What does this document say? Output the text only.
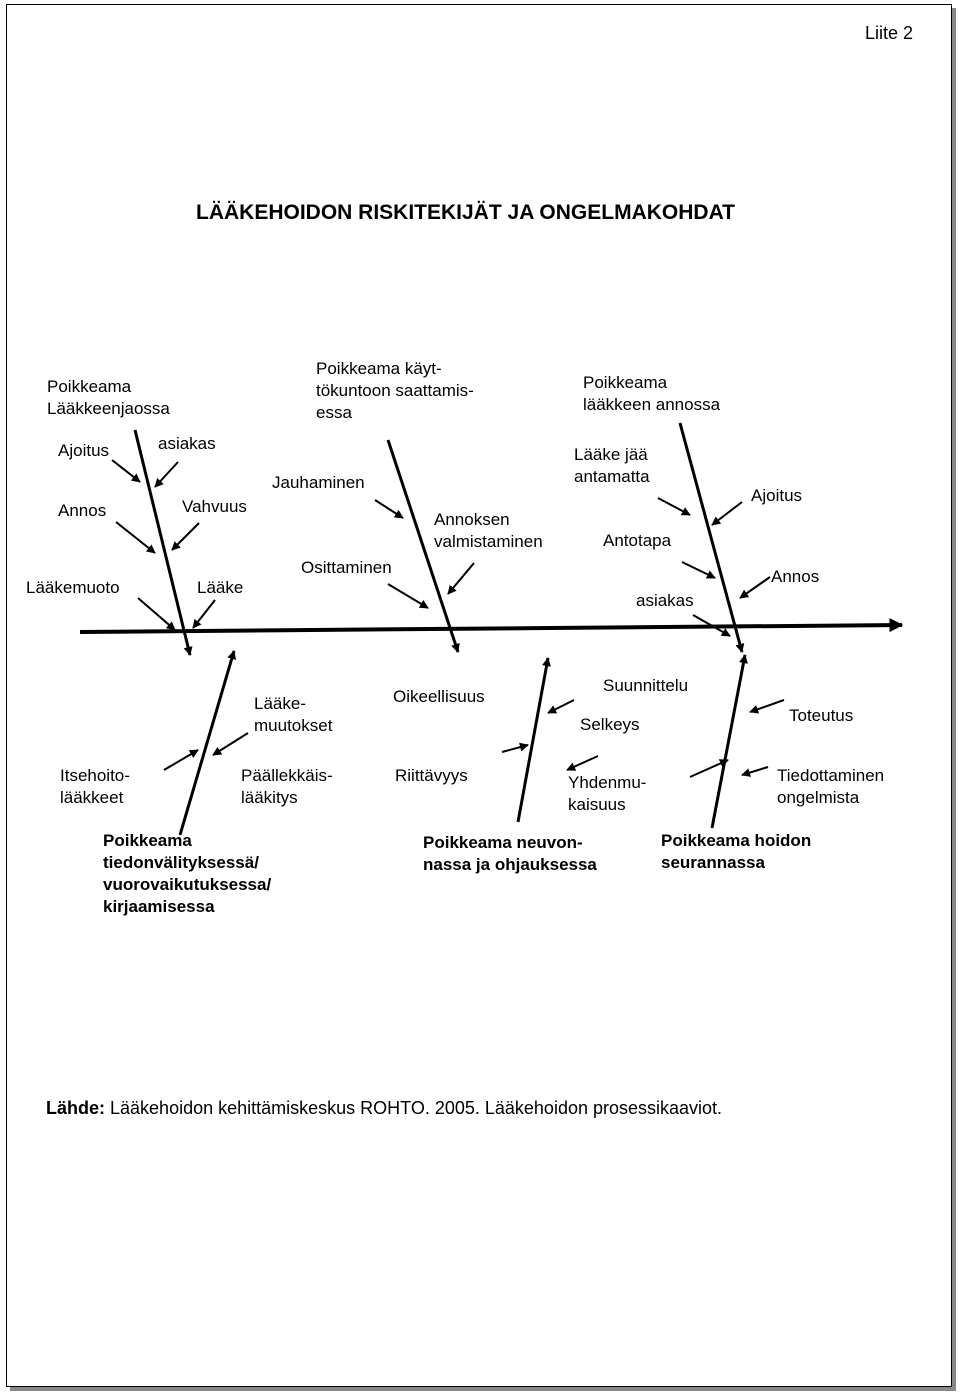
Liite 2
LÄÄKEHOIDON RISKITEKIJÄT JA ONGELMAKOHDAT
Poikkeama
Lääkkeenjaossa
Poikkeama käyt-
tökuntoon saattamis-
essa
Poikkeama
lääkkeen annossa
Ajoitus	asiakas
Annos	Vahvuus
Lääkemuoto	Lääke
Jauhaminen
Osittaminen
Annoksen
valmistaminen
Lääke jää
antamatta
Antotapa
asiakas
Ajoitus
Annos
Lääke-
muutokset
Oikeellisuus
Suunnittelu
Selkeys	Toteutus
Itsehoito-
lääkkeet
Päällekkäis-
lääkitys
Riittävyys	Yhdenmu-
kaisuus
Tiedottaminen
ongelmista
Poikkeama
tiedonvälityksessä/
vuorovaikutuksessa/
kirjaamisessa
Poikkeama neuvon-
nassa ja ohjauksessa
Poikkeama hoidon
seurannassa
Lähde: Lääkehoidon kehittämiskeskus ROHTO. 2005. Lääkehoidon prosessikaaviot.
